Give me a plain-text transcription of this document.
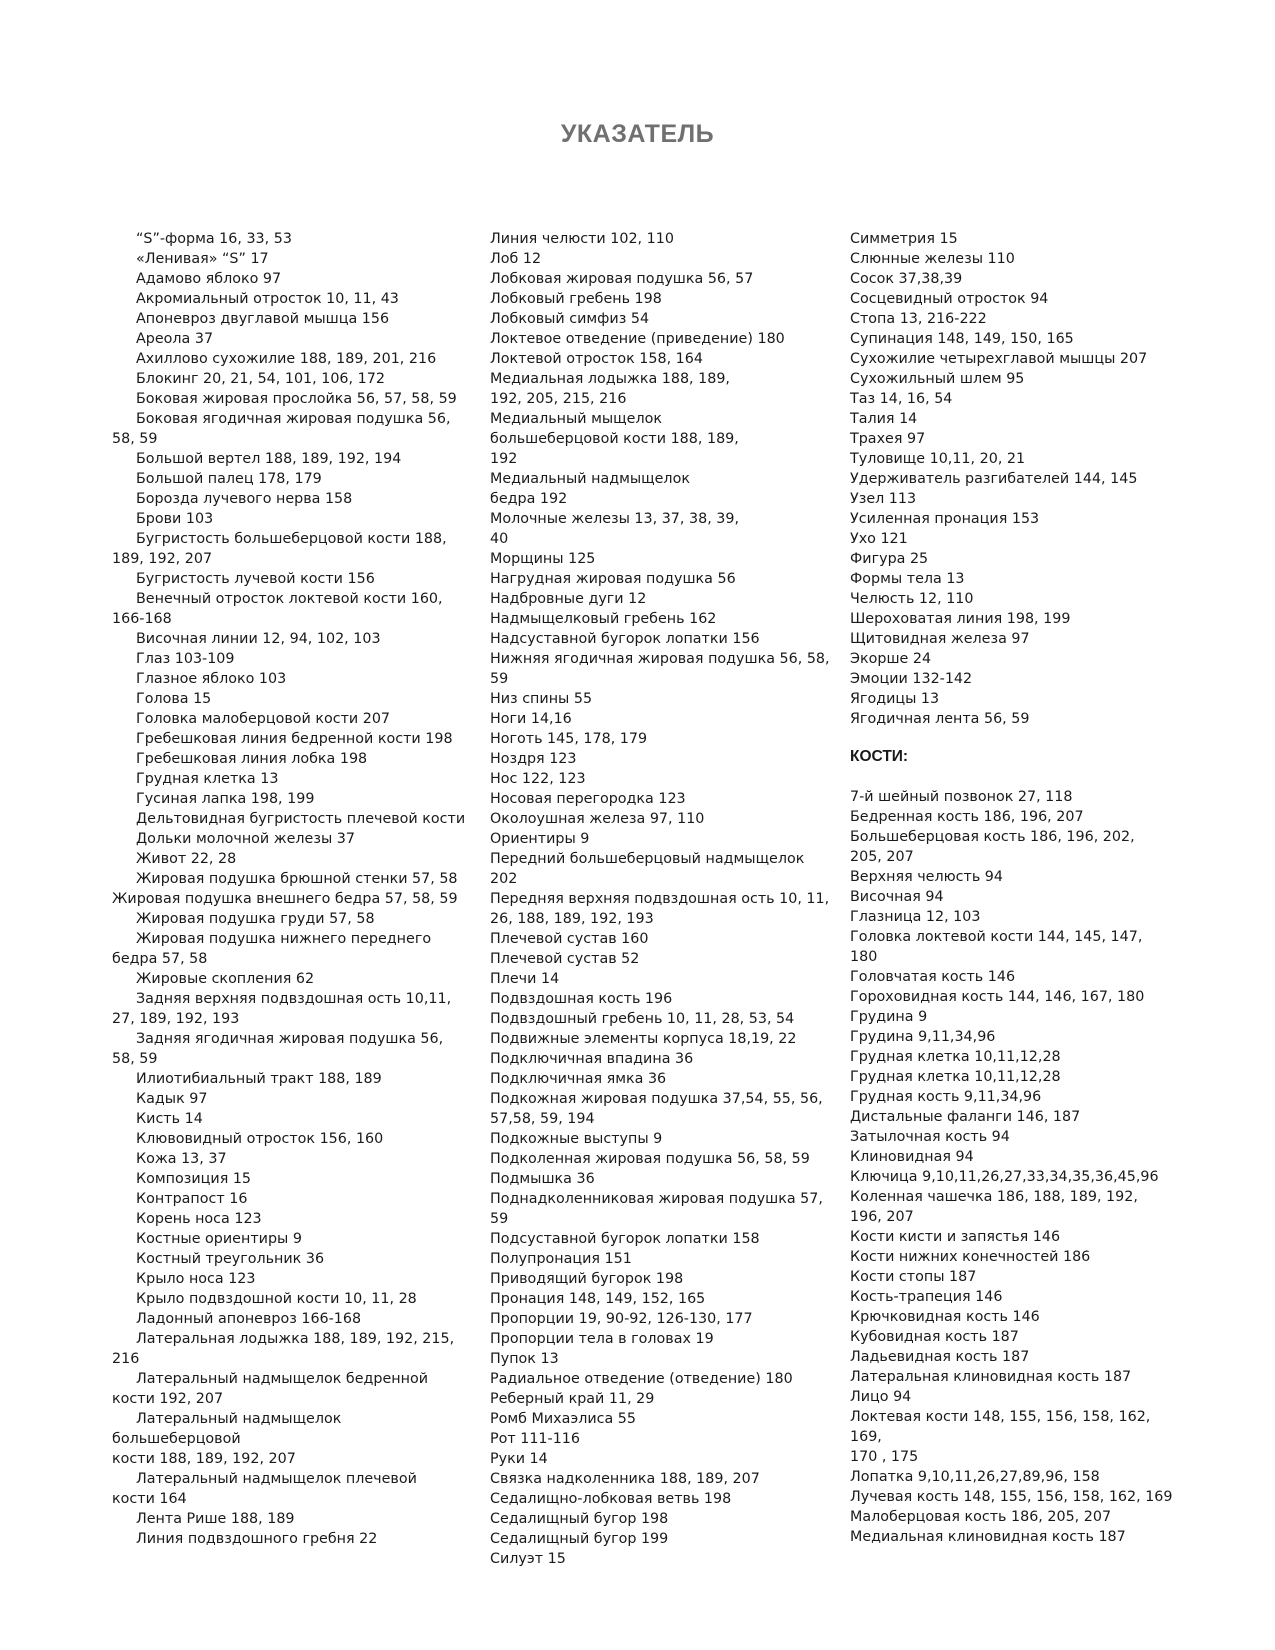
УКАЗАТЕЛЬ
“S”-форма 16, 33, 53
«Ленивая» “S” 17
Адамово яблоко 97
Акромиальный отросток 10, 11, 43
Апоневроз двуглавой мышца 156
Ареола 37
Ахиллово сухожилие 188, 189, 201, 216
Блокинг 20, 21, 54, 101, 106, 172
Боковая жировая прослойка 56, 57, 58, 59
Боковая ягодичная жировая подушка 56,
58, 59
Большой вертел 188, 189, 192, 194
Большой палец 178, 179
Борозда лучевого нерва 158
Брови 103
Бугристость большеберцовой кости 188,
189, 192, 207
Бугристость лучевой кости 156
Венечный отросток локтевой кости 160,
166-168
Височная линии 12, 94, 102, 103
Глаз 103-109
Глазное яблоко 103
Голова 15
Головка малоберцовой кости 207
Гребешковая линия бедренной кости 198
Гребешковая линия лобка 198
Грудная клетка 13
Гусиная лапка 198, 199
Дельтовидная бугристость плечевой кости
Дольки молочной железы 37
Живот 22, 28
Жировая подушка брюшной стенки 57, 58
Жировая подушка внешнего бедра 57, 58, 59
Жировая подушка груди 57, 58
Жировая подушка нижнего переднего
бедра 57, 58
Жировые скопления 62
Задняя верхняя подвздошная ость 10,11,
27, 189, 192, 193
Задняя ягодичная жировая подушка 56,
58, 59
Илиотибиальный тракт 188, 189
Кадык 97
Кисть 14
Клювовидный отросток 156, 160
Кожа 13, 37
Композиция 15
Контрапост 16
Корень носа 123
Костные ориентиры 9
Костный треугольник 36
Крыло носа 123
Крыло подвздошной кости 10, 11, 28
Ладонный апоневроз 166-168
Латеральная лодыжка 188, 189, 192, 215,
216
Латеральный надмыщелок бедренной
кости 192, 207
Латеральный надмыщелок большеберцовой
кости 188, 189, 192, 207
Латеральный надмыщелок плечевой
кости 164
Лента Рише 188, 189
Линия подвздошного гребня 22
Линия челюсти 102, 110
Лоб 12
Лобковая жировая подушка 56, 57
Лобковый гребень 198
Лобковый симфиз 54
Локтевое отведение (приведение) 180
Локтевой отросток 158, 164
Медиальная лодыжка 188, 189,
192, 205, 215, 216
Медиальный мыщелок
большеберцовой кости 188, 189,
192
Медиальный надмыщелок
бедра 192
Молочные железы 13, 37, 38, 39,
40
Морщины 125
Нагрудная жировая подушка 56
Надбровные дуги 12
Надмыщелковый гребень 162
Надсуставной бугорок лопатки 156
Нижняя ягодичная жировая подушка 56, 58, 59
Низ спины 55
Ноги 14,16
Ноготь 145, 178, 179
Ноздря 123
Нос 122, 123
Носовая перегородка 123
Околоушная железа 97, 110
Ориентиры 9
Передний большеберцовый надмыщелок 202
Передняя верхняя подвздошная ость 10, 11,
26, 188, 189, 192, 193
Плечевой сустав 160
Плечевой сустав 52
Плечи 14
Подвздошная кость 196
Подвздошный гребень 10, 11, 28, 53, 54
Подвижные элементы корпуса 18,19, 22
Подключичная впадина 36
Подключичная ямка 36
Подкожная жировая подушка 37,54, 55, 56,
57,58, 59, 194
Подкожные выступы 9
Подколенная жировая подушка 56, 58, 59
Подмышка 36
Поднадколенниковая жировая подушка 57,
59
Подсуставной бугорок лопатки 158
Полупронация 151
Приводящий бугорок 198
Пронация 148, 149, 152, 165
Пропорции 19, 90-92, 126-130, 177
Пропорции тела в головах 19
Пупок 13
Радиальное отведение (отведение) 180
Реберный край 11, 29
Ромб Михаэлиса 55
Рот 111-116
Руки 14
Связка надколенника 188, 189, 207
Седалищно-лобковая ветвь 198
Седалищный бугор 198
Седалищный бугор 199
Силуэт 15
Симметрия 15
Слюнные железы 110
Сосок 37,38,39
Сосцевидный отросток 94
Стопа 13, 216-222
Супинация 148, 149, 150, 165
Сухожилие четырехглавой мышцы 207
Сухожильный шлем 95
Таз 14, 16, 54
Талия 14
Трахея 97
Туловище 10,11, 20, 21
Удерживатель разгибателей 144, 145
Узел 113
Усиленная пронация 153
Ухо 121
Фигура 25
Формы тела 13
Челюсть 12, 110
Шероховатая линия 198, 199
Щитовидная железа 97
Экорше 24
Эмоции 132-142
Ягодицы 13
Ягодичная лента 56, 59
КОСТИ:
7-й шейный позвонок 27, 118
Бедренная кость 186, 196, 207
Большеберцовая кость 186, 196, 202,
205, 207
Верхняя челюсть 94
Височная 94
Глазница 12, 103
Головка локтевой кости 144, 145, 147,
180
Головчатая кость 146
Гороховидная кость 144, 146, 167, 180
Грудина 9
Грудина 9,11,34,96
Грудная клетка 10,11,12,28
Грудная клетка 10,11,12,28
Грудная кость 9,11,34,96
Дистальные фаланги 146, 187
Затылочная кость 94
Клиновидная 94
Ключица 9,10,11,26,27,33,34,35,36,45,96
Коленная чашечка 186, 188, 189, 192,
196, 207
Кости кисти и запястья 146
Кости нижних конечностей 186
Кости стопы 187
Кость-трапеция 146
Крючковидная кость 146
Кубовидная кость 187
Ладьевидная кость 187
Латеральная клиновидная кость 187
Лицо 94
Локтевая кости 148, 155, 156, 158, 162, 169,
170 , 175
Лопатка 9,10,11,26,27,89,96, 158
Лучевая кость 148, 155, 156, 158, 162, 169
Малоберцовая кость 186, 205, 207
Медиальная клиновидная кость 187
